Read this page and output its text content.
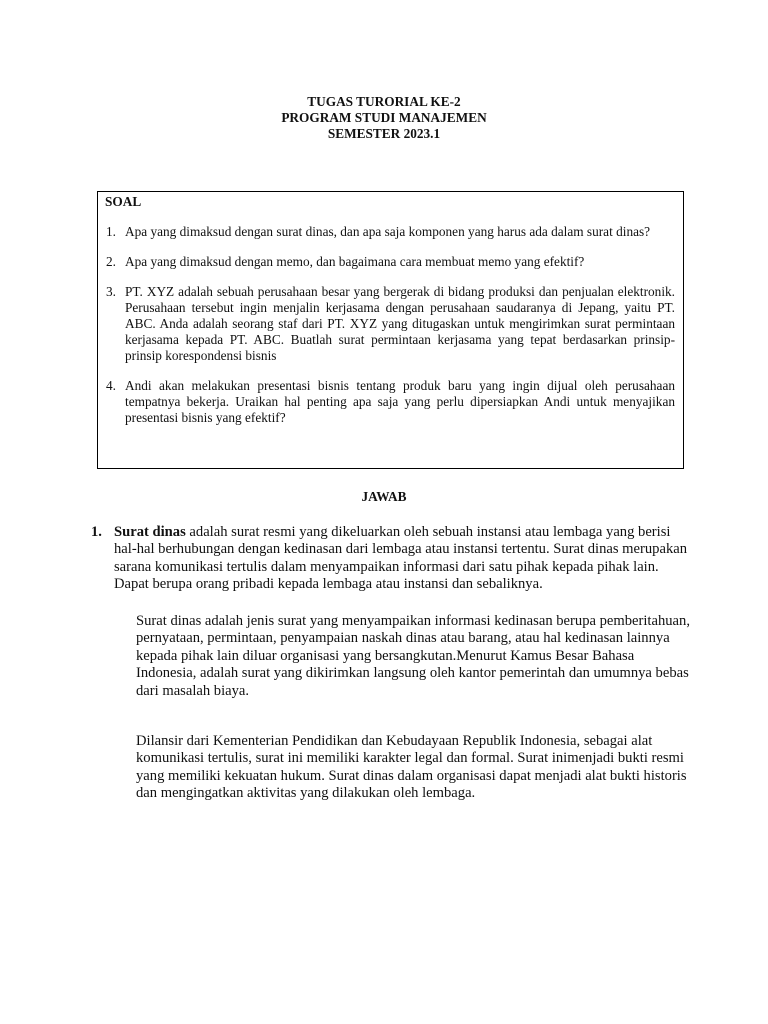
TUGAS TURORIAL KE-2
PROGRAM STUDI MANAJEMEN
SEMESTER 2023.1
SOAL
1. Apa yang dimaksud dengan surat dinas, dan apa saja komponen yang harus ada dalam surat dinas?
2. Apa yang dimaksud dengan memo, dan bagaimana cara membuat memo yang efektif?
3. PT. XYZ adalah sebuah perusahaan besar yang bergerak di bidang produksi dan penjualan elektronik. Perusahaan tersebut ingin menjalin kerjasama dengan perusahaan saudaranya di Jepang, yaitu PT. ABC. Anda adalah seorang staf dari PT. XYZ yang ditugaskan untuk mengirimkan surat permintaan kerjasama kepada PT. ABC. Buatlah surat permintaan kerjasama yang tepat berdasarkan prinsip-prinsip korespondensi bisnis
4. Andi akan melakukan presentasi bisnis tentang produk baru yang ingin dijual oleh perusahaan tempatnya bekerja. Uraikan hal penting apa saja yang perlu dipersiapkan Andi untuk menyajikan presentasi bisnis yang efektif?
JAWAB
1. Surat dinas adalah surat resmi yang dikeluarkan oleh sebuah instansi atau lembaga yang berisi hal-hal berhubungan dengan kedinasan dari lembaga atau instansi tertentu. Surat dinas merupakan sarana komunikasi tertulis dalam menyampaikan informasi dari satu pihak kepada pihak lain. Dapat berupa orang pribadi kepada lembaga atau instansi dan sebaliknya.
Surat dinas adalah jenis surat yang menyampaikan informasi kedinasan berupa pemberitahuan, pernyataan, permintaan, penyampaian naskah dinas atau barang, atau hal kedinasan lainnya kepada pihak lain diluar organisasi yang bersangkutan.Menurut Kamus Besar Bahasa Indonesia, adalah surat yang dikirimkan langsung oleh kantor pemerintah dan umumnya bebas dari masalah biaya.
Dilansir dari Kementerian Pendidikan dan Kebudayaan Republik Indonesia, sebagai alat komunikasi tertulis, surat ini memiliki karakter legal dan formal. Surat inimenjadi bukti resmi yang memiliki kekuatan hukum. Surat dinas dalam organisasi dapat menjadi alat bukti historis dan mengingatkan aktivitas yang dilakukan oleh lembaga.
